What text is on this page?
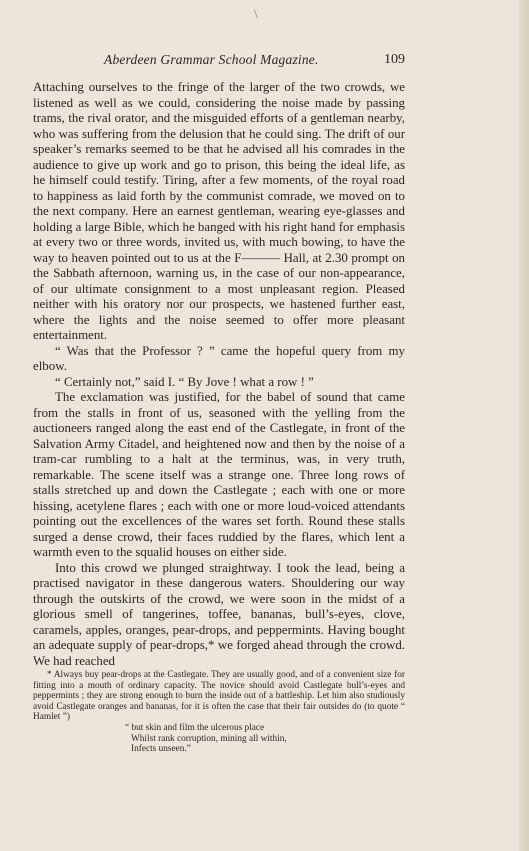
\
Aberdeen Grammar School Magazine.	109

Attaching ourselves to the fringe of the larger of the two crowds, we listened as well as we could, considering the noise made by passing trams, the rival orator, and the misguided efforts of a gentleman nearby, who was suffering from the delusion that he could sing. The drift of our speaker’s remarks seemed to be that he advised all his comrades in the audience to give up work and go to prison, this being the ideal life, as he himself could testify. Tiring, after a few moments, of the royal road to happiness as laid forth by the communist comrade, we moved on to the next company. Here an earnest gentleman, wearing eye-glasses and holding a large Bible, which he banged with his right hand for emphasis at every two or three words, invited us, with much bowing, to have the way to heaven pointed out to us at the F——— Hall, at 2.30 prompt on the Sabbath afternoon, warning us, in the case of our non-appearance, of our ultimate consignment to a most unpleasant region. Pleased neither with his oratory nor our prospects, we hastened further east, where the lights and the noise seemed to offer more pleasant entertainment.

“ Was that the Professor ? ” came the hopeful query from my elbow.

“ Certainly not,” said I. “ By Jove ! what a row ! ”

The exclamation was justified, for the babel of sound that came from the stalls in front of us, seasoned with the yelling from the auctioneers ranged along the east end of the Castlegate, in front of the Salvation Army Citadel, and heightened now and then by the noise of a tram-car rumbling to a halt at the terminus, was, in very truth, remarkable. The scene itself was a strange one. Three long rows of stalls stretched up and down the Castlegate ; each with one or more hissing, acetylene flares ; each with one or more loud-voiced attendants pointing out the excellences of the wares set forth. Round these stalls surged a dense crowd, their faces ruddied by the flares, which lent a warmth even to the squalid houses on either side.

Into this crowd we plunged straightway. I took the lead, being a practised navigator in these dangerous waters. Shouldering our way through the outskirts of the crowd, we were soon in the midst of a glorious smell of tangerines, toffee, bananas, bull’s-eyes, clove, caramels, apples, oranges, pear-drops, and peppermints. Having bought an adequate supply of pear-drops,* we forged ahead through the crowd. We had reached

* Always buy pear-drops at the Castlegate. They are usually good, and of a convenient size for fitting into a mouth of ordinary capacity. The novice should avoid Castlegate bull’s-eyes and peppermints ; they are strong enough to burn the inside out of a battleship. Let him also studiously avoid Castlegate oranges and bananas, for it is often the case that their fair outsides do (to quote “ Hamlet ”)

“ but skin and film the ulcerous place
Whilst rank corruption, mining all within,
Infects unseen.”
